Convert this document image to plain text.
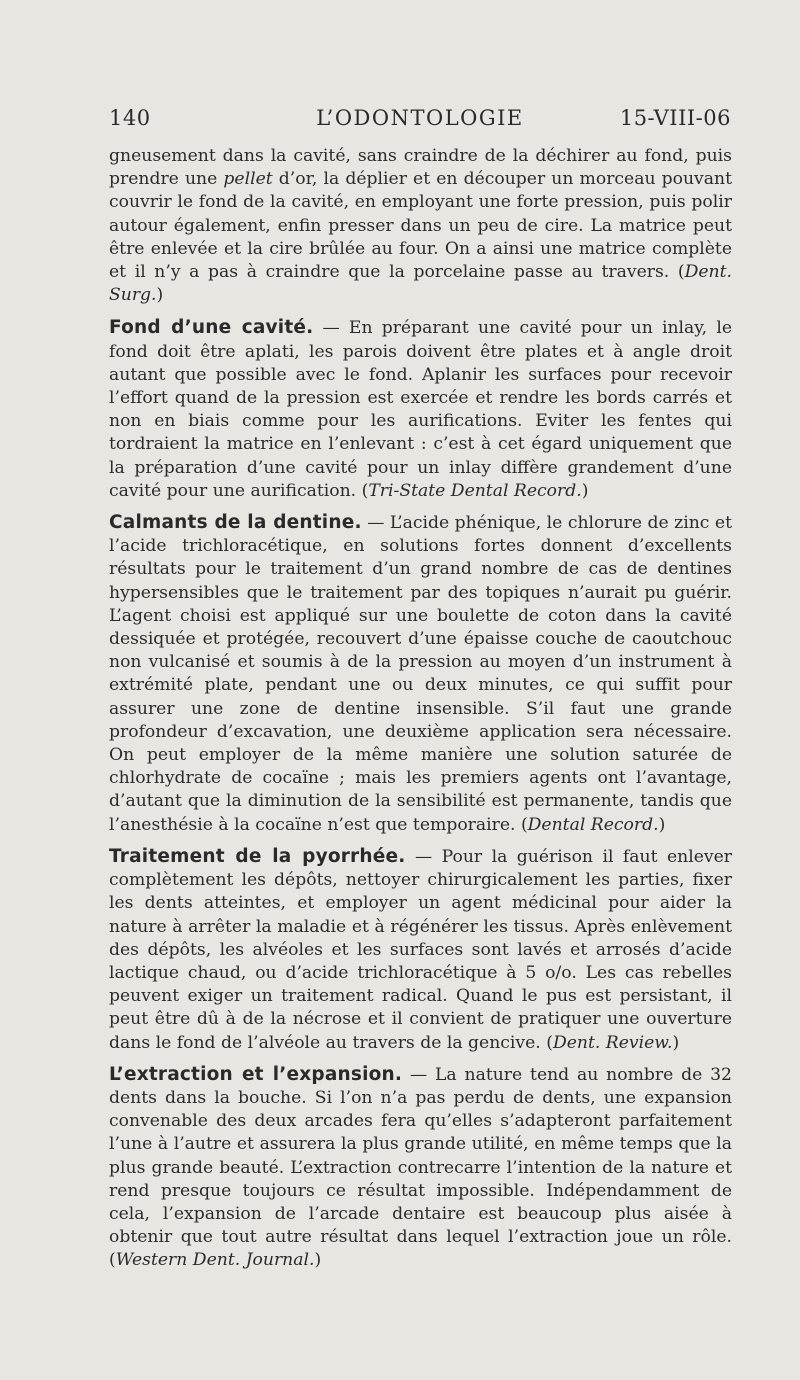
140	L’ODONTOLOGIE	15-VIII-06

gneusement dans la cavité, sans craindre de la déchirer au fond, puis prendre une pellet d’or, la déplier et en découper un morceau pouvant couvrir le fond de la cavité, en employant une forte pression, puis polir autour également, enfin presser dans un peu de cire. La matrice peut être enlevée et la cire brûlée au four. On a ainsi une matrice complète et il n’y a pas à craindre que la porcelaine passe au travers. (Dent. Surg.)

Fond d’une cavité. — En préparant une cavité pour un inlay, le fond doit être aplati, les parois doivent être plates et à angle droit autant que possible avec le fond. Aplanir les surfaces pour recevoir l’effort quand de la pression est exercée et rendre les bords carrés et non en biais comme pour les aurifications. Eviter les fentes qui tordraient la matrice en l’enlevant : c’est à cet égard uniquement que la préparation d’une cavité pour un inlay diffère grandement d’une cavité pour une aurification. (Tri-State Dental Record.)

Calmants de la dentine. — L’acide phénique, le chlorure de zinc et l’acide trichloracétique, en solutions fortes donnent d’excellents résultats pour le traitement d’un grand nombre de cas de dentines hypersensibles que le traitement par des topiques n’aurait pu guérir. L’agent choisi est appliqué sur une boulette de coton dans la cavité dessiquée et protégée, recouvert d’une épaisse couche de caoutchouc non vulcanisé et soumis à de la pression au moyen d’un instrument à extrémité plate, pendant une ou deux minutes, ce qui suffit pour assurer une zone de dentine insensible. S’il faut une grande profondeur d’excavation, une deuxième application sera nécessaire. On peut employer de la même manière une solution saturée de chlorhydrate de cocaïne ; mais les premiers agents ont l’avantage, d’autant que la diminution de la sensibilité est permanente, tandis que l’anesthésie à la cocaïne n’est que temporaire. (Dental Record.)

Traitement de la pyorrhée. — Pour la guérison il faut enlever complètement les dépôts, nettoyer chirurgicalement les parties, fixer les dents atteintes, et employer un agent médicinal pour aider la nature à arrêter la maladie et à régénérer les tissus. Après enlèvement des dépôts, les alvéoles et les surfaces sont lavés et arrosés d’acide lactique chaud, ou d’acide trichloracétique à 5 o/o. Les cas rebelles peuvent exiger un traitement radical. Quand le pus est persistant, il peut être dû à de la nécrose et il convient de pratiquer une ouverture dans le fond de l’alvéole au travers de la gencive. (Dent. Review.)

L’extraction et l’expansion. — La nature tend au nombre de 32 dents dans la bouche. Si l’on n’a pas perdu de dents, une expansion convenable des deux arcades fera qu’elles s’adapteront parfaitement l’une à l’autre et assurera la plus grande utilité, en même temps que la plus grande beauté. L’extraction contrecarre l’intention de la nature et rend presque toujours ce résultat impossible. Indépendamment de cela, l’expansion de l’arcade dentaire est beaucoup plus aisée à obtenir que tout autre résultat dans lequel l’extraction joue un rôle. (Western Dent. Journal.)
